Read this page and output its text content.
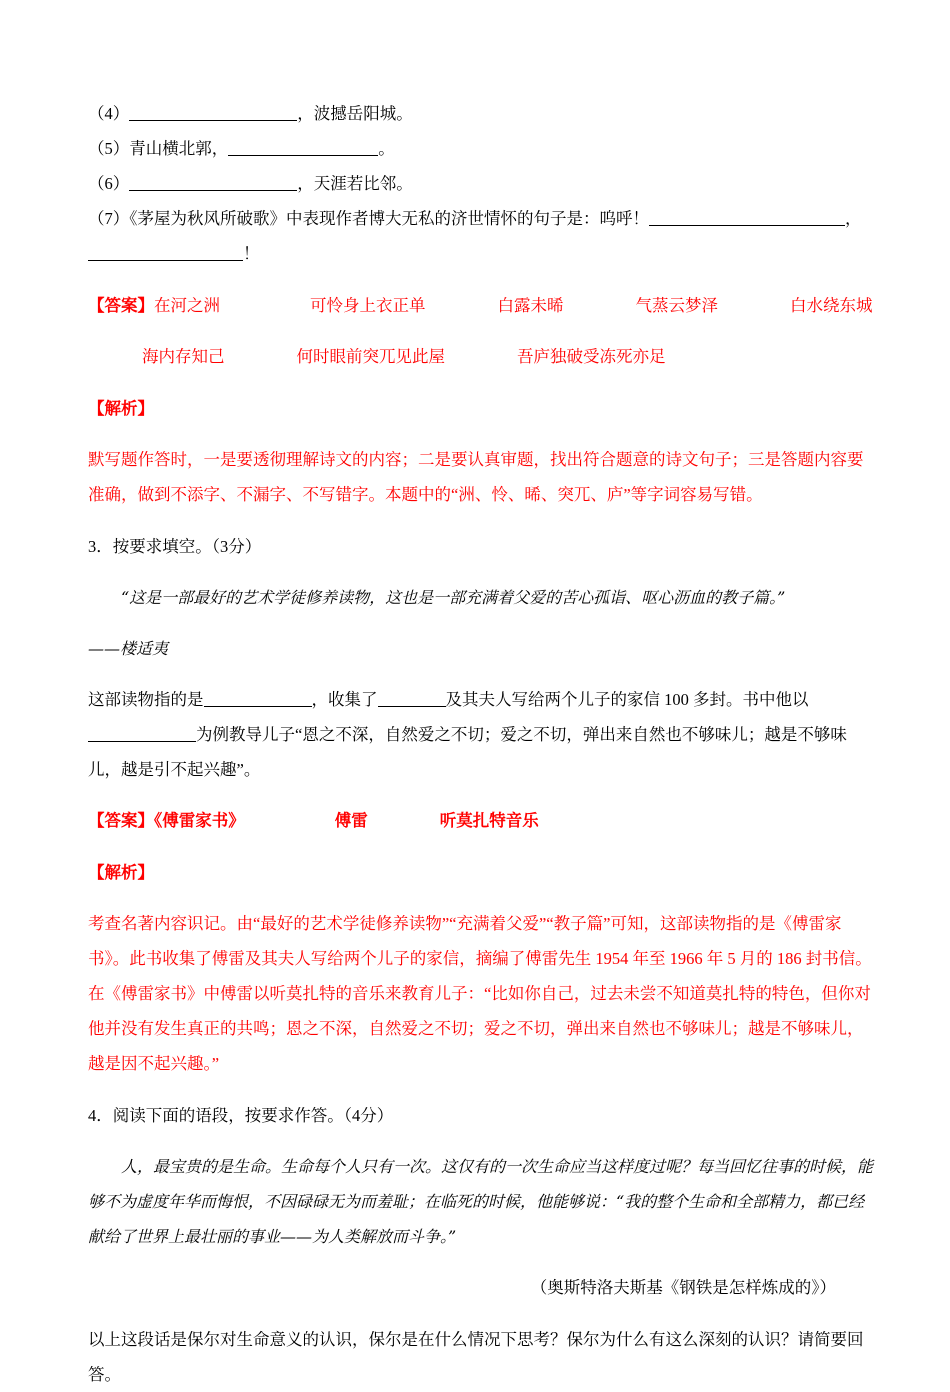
（4）	，波撼岳阳城。

（5）青山横北郭，	。

（6）	，天涯若比邻。

（7）《茅屋为秋风所破歌》中表现作者博大无私的济世情怀的句子是：呜呼！	，

！

【答案】在河之洲	可怜身上衣正单	白露未晞	气蒸云梦泽	白水绕东城

海内存知己	何时眼前突兀见此屋	吾庐独破受冻死亦足

【解析】

默写题作答时，一是要透彻理解诗文的内容；二是要认真审题，找出符合题意的诗文句子；三是答题内容要准确，做到不添字、不漏字、不写错字。本题中的“洲、怜、晞、突兀、庐”等字词容易写错。

3．按要求填空。（3分）

“这是一部最好的艺术学徒修养读物，这也是一部充满着父爱的苦心孤诣、呕心沥血的教子篇。”

——楼适夷

这部读物指的是	，收集了	及其夫人写给两个儿子的家信 100 多封。书中他以

为例教导儿子“恩之不深，自然爱之不切；爱之不切，弹出来自然也不够味儿；越是不够味儿，越是引不起兴趣”。

【答案】《傅雷家书》	傅雷	听莫扎特音乐

【解析】

考查名著内容识记。由“最好的艺术学徒修养读物”“充满着父爱”“教子篇”可知，这部读物指的是《傅雷家书》。此书收集了傅雷及其夫人写给两个儿子的家信，摘编了傅雷先生 1954 年至 1966 年 5 月的 186 封书信。在《傅雷家书》中傅雷以听莫扎特的音乐来教育儿子：“比如你自己，过去未尝不知道莫扎特的特色，但你对他并没有发生真正的共鸣；恩之不深，自然爱之不切；爱之不切，弹出来自然也不够味儿；越是不够味儿，越是因不起兴趣。”

4．阅读下面的语段，按要求作答。（4分）

人，最宝贵的是生命。生命每个人只有一次。这仅有的一次生命应当这样度过呢？每当回忆往事的时候，能够不为虚度年华而悔恨，不因碌碌无为而羞耻；在临死的时候，他能够说：“我的整个生命和全部精力，都已经献给了世界上最壮丽的事业——为人类解放而斗争。”

（奥斯特洛夫斯基《钢铁是怎样炼成的》）

以上这段话是保尔对生命意义的认识，保尔是在什么情况下思考？保尔为什么有这么深刻的认识？请简要回答。
